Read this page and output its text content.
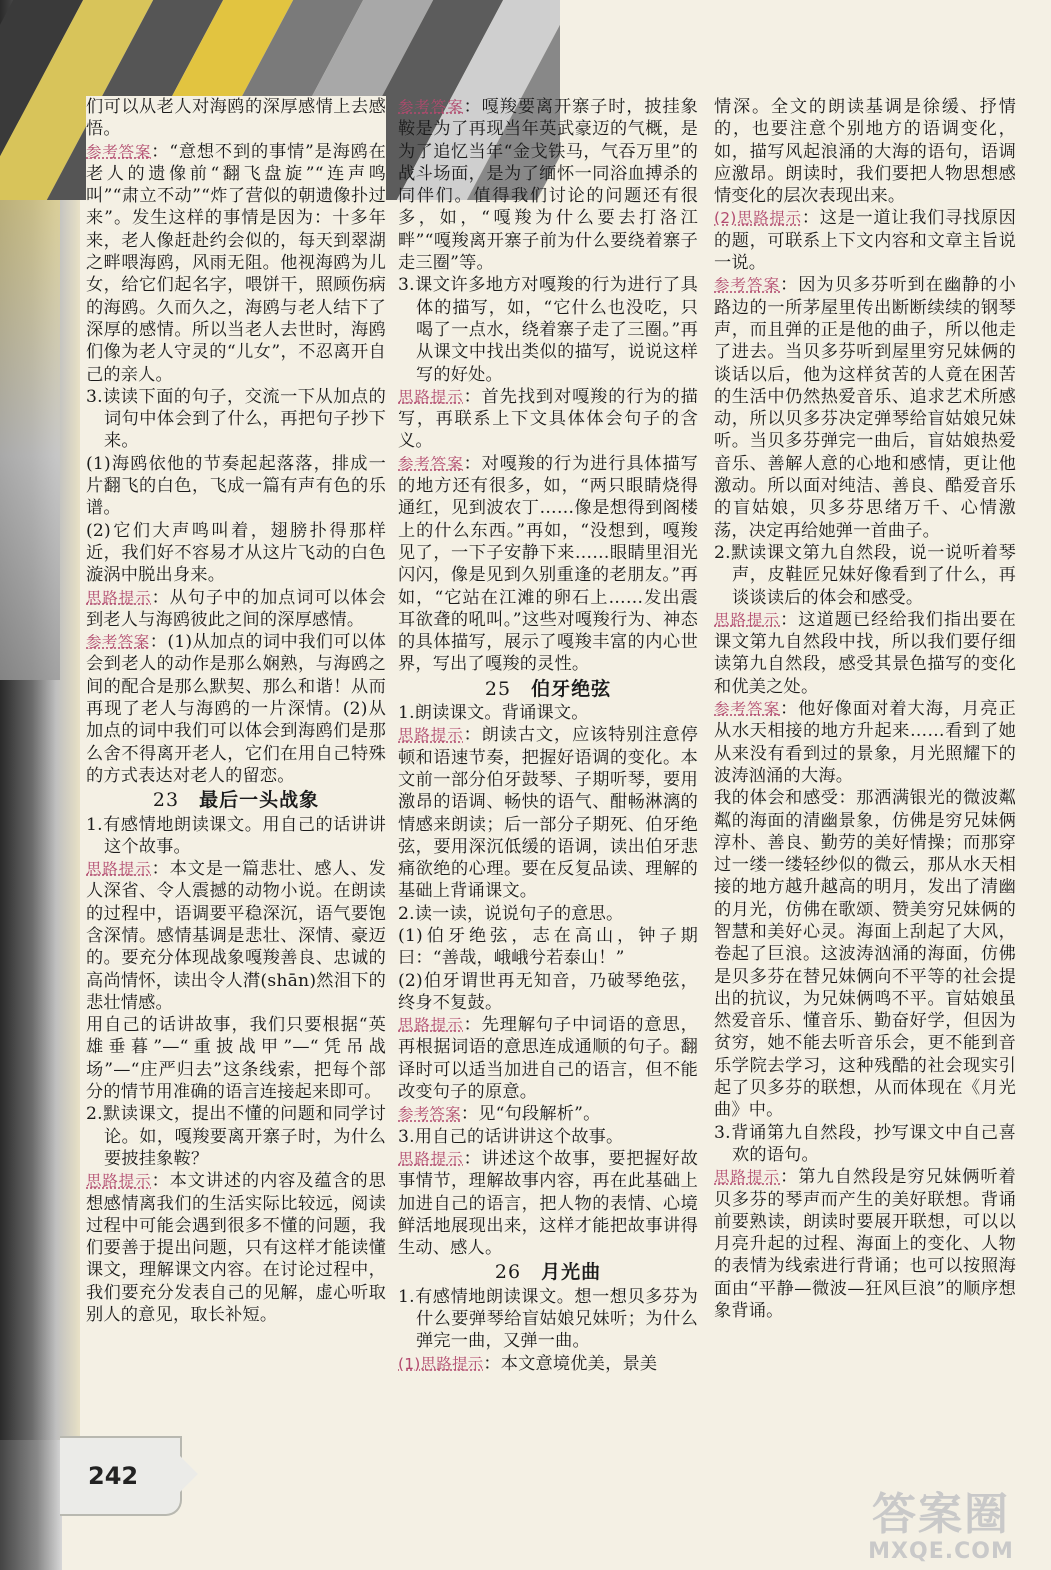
们可以从老人对海鸥的深厚感情上去感悟。

参考答案：“意想不到的事情”是海鸥在老人的遗像前“翻飞盘旋”“连声鸣叫”“肃立不动”“炸了营似的朝遗像扑过来”。发生这样的事情是因为：十多年来，老人像赶赴约会似的，每天到翠湖之畔喂海鸥，风雨无阻。他视海鸥为儿女，给它们起名字，喂饼干，照顾伤病的海鸥。久而久之，海鸥与老人结下了深厚的感情。所以当老人去世时，海鸥们像为老人守灵的“儿女”，不忍离开自己的亲人。

3.读读下面的句子，交流一下从加点的词句中体会到了什么，再把句子抄下来。

(1)海鸥依他的节奏起起落落，排成一片翻飞的白色，飞成一篇有声有色的乐谱。

(2)它们大声鸣叫着，翅膀扑得那样近，我们好不容易才从这片飞动的白色漩涡中脱出身来。

思路提示：从句子中的加点词可以体会到老人与海鸥彼此之间的深厚感情。

参考答案：(1)从加点的词中我们可以体会到老人的动作是那么娴熟，与海鸥之间的配合是那么默契、那么和谐！从而再现了老人与海鸥的一片深情。(2)从加点的词中我们可以体会到海鸥们是那么舍不得离开老人，它们在用自己特殊的方式表达对老人的留恋。

23 最后一头战象

1.有感情地朗读课文。用自己的话讲讲这个故事。

思路提示：本文是一篇悲壮、感人、发人深省、令人震撼的动物小说。在朗读的过程中，语调要平稳深沉，语气要饱含深情。感情基调是悲壮、深情、豪迈的。要充分体现战象嘎羧善良、忠诚的高尚情怀，读出令人潸(shān)然泪下的悲壮情感。

用自己的话讲故事，我们只要根据“英雄垂暮”—“重披战甲”—“凭吊战场”—“庄严归去”这条线索，把每个部分的情节用准确的语言连接起来即可。

2.默读课文，提出不懂的问题和同学讨论。如，嘎羧要离开寨子时，为什么要披挂象鞍？

思路提示：本文讲述的内容及蕴含的思想感情离我们的生活实际比较远，阅读过程中可能会遇到很多不懂的问题，我们要善于提出问题，只有这样才能读懂课文，理解课文内容。在讨论过程中，我们要充分发表自己的见解，虚心听取别人的意见，取长补短。

参考答案：嘎羧要离开寨子时，披挂象鞍是为了再现当年英武豪迈的气概，是为了追忆当年“金戈铁马，气吞万里”的战斗场面，是为了缅怀一同浴血搏杀的同伴们。值得我们讨论的问题还有很多，如，“嘎羧为什么要去打洛江畔”“嘎羧离开寨子前为什么要绕着寨子走三圈”等。

3.课文许多地方对嘎羧的行为进行了具体的描写，如，“它什么也没吃，只喝了一点水，绕着寨子走了三圈。”再从课文中找出类似的描写，说说这样写的好处。

思路提示：首先找到对嘎羧的行为的描写，再联系上下文具体体会句子的含义。

参考答案：对嘎羧的行为进行具体描写的地方还有很多，如，“两只眼睛烧得通红，见到波农丁……像是想得到阁楼上的什么东西。”再如，“没想到，嘎羧见了，一下子安静下来……眼睛里泪光闪闪，像是见到久别重逢的老朋友。”再如，“它站在江滩的卵石上……发出震耳欲聋的吼叫。”这些对嘎羧行为、神态的具体描写，展示了嘎羧丰富的内心世界，写出了嘎羧的灵性。

25 伯牙绝弦

1.朗读课文。背诵课文。

思路提示：朗读古文，应该特别注意停顿和语速节奏，把握好语调的变化。本文前一部分伯牙鼓琴、子期听琴，要用激昂的语调、畅快的语气、酣畅淋漓的情感来朗读；后一部分子期死、伯牙绝弦，要用深沉低缓的语调，读出伯牙悲痛欲绝的心理。要在反复品读、理解的基础上背诵课文。

2.读一读，说说句子的意思。

(1)伯牙绝弦，志在高山，钟子期曰：“善哉，峨峨兮若泰山！”

(2)伯牙谓世再无知音，乃破琴绝弦，终身不复鼓。

思路提示：先理解句子中词语的意思，再根据词语的意思连成通顺的句子。翻译时可以适当加进自己的语言，但不能改变句子的原意。

参考答案：见“句段解析”。

3.用自己的话讲讲这个故事。

思路提示：讲述这个故事，要把握好故事情节，理解故事内容，再在此基础上加进自己的语言，把人物的表情、心境鲜活地展现出来，这样才能把故事讲得生动、感人。

26 月光曲

1.有感情地朗读课文。想一想贝多芬为什么要弹琴给盲姑娘兄妹听；为什么弹完一曲，又弹一曲。

(1)思路提示：本文意境优美，景美

情深。全文的朗读基调是徐缓、抒情的，也要注意个别地方的语调变化，如，描写风起浪涌的大海的语句，语调应激昂。朗读时，我们要把人物思想感情变化的层次表现出来。

(2)思路提示：这是一道让我们寻找原因的题，可联系上下文内容和文章主旨说一说。

参考答案：因为贝多芬听到在幽静的小路边的一所茅屋里传出断断续续的钢琴声，而且弹的正是他的曲子，所以他走了进去。当贝多芬听到屋里穷兄妹俩的谈话以后，他为这样贫苦的人竟在困苦的生活中仍然热爱音乐、追求艺术所感动，所以贝多芬决定弹琴给盲姑娘兄妹听。当贝多芬弹完一曲后，盲姑娘热爱音乐、善解人意的心地和感情，更让他激动。所以面对纯洁、善良、酷爱音乐的盲姑娘，贝多芬思绪万千、心情激荡，决定再给她弹一首曲子。

2.默读课文第九自然段，说一说听着琴声，皮鞋匠兄妹好像看到了什么，再谈谈读后的体会和感受。

思路提示：这道题已经给我们指出要在课文第九自然段中找，所以我们要仔细读第九自然段，感受其景色描写的变化和优美之处。

参考答案：他好像面对着大海，月亮正从水天相接的地方升起来……看到了她从来没有看到过的景象，月光照耀下的波涛汹涌的大海。

我的体会和感受：那洒满银光的微波粼粼的海面的清幽景象，仿佛是穷兄妹俩淳朴、善良、勤劳的美好情操；而那穿过一缕一缕轻纱似的微云，那从水天相接的地方越升越高的明月，发出了清幽的月光，仿佛在歌颂、赞美穷兄妹俩的智慧和美好心灵。海面上刮起了大风，卷起了巨浪。这波涛汹涌的海面，仿佛是贝多芬在替兄妹俩向不平等的社会提出的抗议，为兄妹俩鸣不平。盲姑娘虽然爱音乐、懂音乐、勤奋好学，但因为贫穷，她不能去听音乐会，更不能到音乐学院去学习，这种残酷的社会现实引起了贝多芬的联想，从而体现在《月光曲》中。

3.背诵第九自然段，抄写课文中自己喜欢的语句。

思路提示：第九自然段是穷兄妹俩听着贝多芬的琴声而产生的美好联想。背诵前要熟读，朗读时要展开联想，可以以月亮升起的过程、海面上的变化、人物的表情为线索进行背诵；也可以按照海面由“平静—微波—狂风巨浪”的顺序想象背诵。

242
答案圈
MXQE.COM
